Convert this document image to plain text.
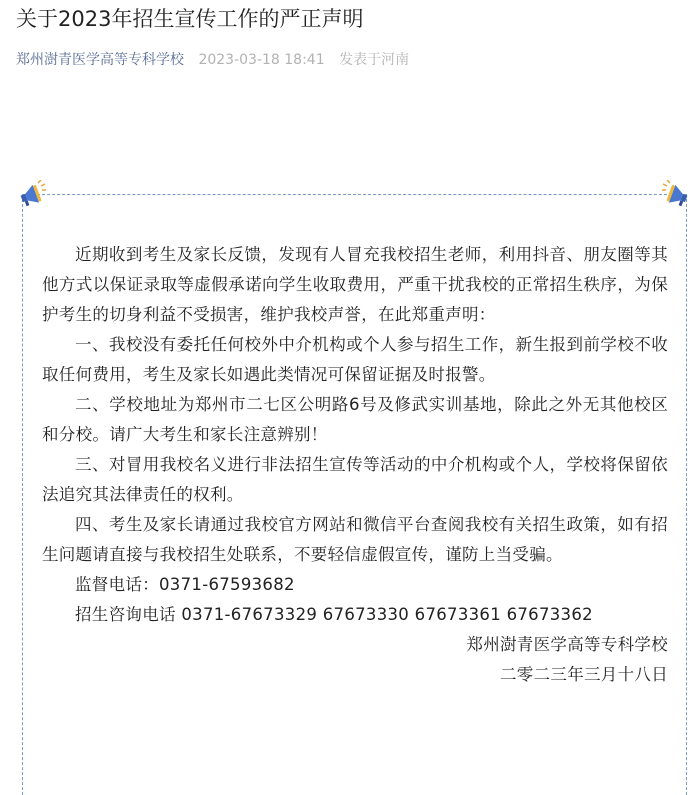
关于2023年招生宣传工作的严正声明
郑州澍青医学高等专科学校 2023-03-18 18:41 发表于河南

近期收到考生及家长反馈，发现有人冒充我校招生老师，利用抖音、朋友圈等其他方式以保证录取等虚假承诺向学生收取费用，严重干扰我校的正常招生秩序，为保护考生的切身利益不受损害，维护我校声誉，在此郑重声明：

一、我校没有委托任何校外中介机构或个人参与招生工作，新生报到前学校不收取任何费用，考生及家长如遇此类情况可保留证据及时报警。

二、学校地址为郑州市二七区公明路6号及修武实训基地，除此之外无其他校区和分校。请广大考生和家长注意辨别！

三、对冒用我校名义进行非法招生宣传等活动的中介机构或个人，学校将保留依法追究其法律责任的权利。

四、考生及家长请通过我校官方网站和微信平台查阅我校有关招生政策，如有招生问题请直接与我校招生处联系，不要轻信虚假宣传，谨防上当受骗。

监督电话：0371-67593682

招生咨询电话 0371-67673329 67673330 67673361 67673362

郑州澍青医学高等专科学校

二零二三年三月十八日
